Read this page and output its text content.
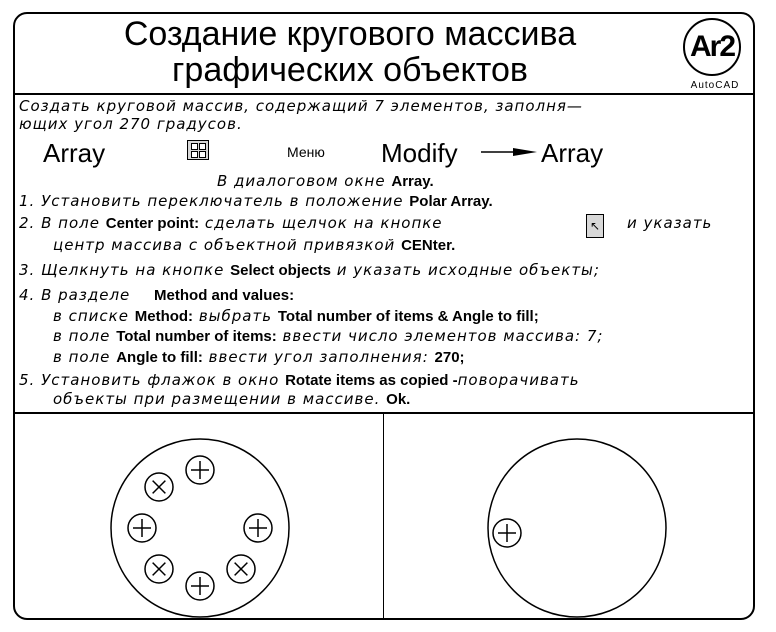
Создание кругового массива
графических объектов
Ar2
AutoCAD
Создать круговой массив, содержащий 7 элементов, заполня—
ющих угол 270 градусов.
Array	Меню Modify	Array
В диалоговом окне Array.
1. Установить переключатель в положение Polar Array.
2. В поле Center point: сделать щелчок на кнопке	↖ и указать
центр массива с объектной привязкой CENter.
3. Щелкнуть на кнопке Select objects и указать исходные объекты;
4. В разделе Method and values:
в списке Method: выбрать Total number of items & Angle to fill;
в поле Total number of items: ввести число элементов массива: 7;
в поле Angle to fill: ввести угол заполнения: 270;
5. Установить флажок в окно Rotate items as copied -поворачивать
объекты при размещении в массиве. Ok.
